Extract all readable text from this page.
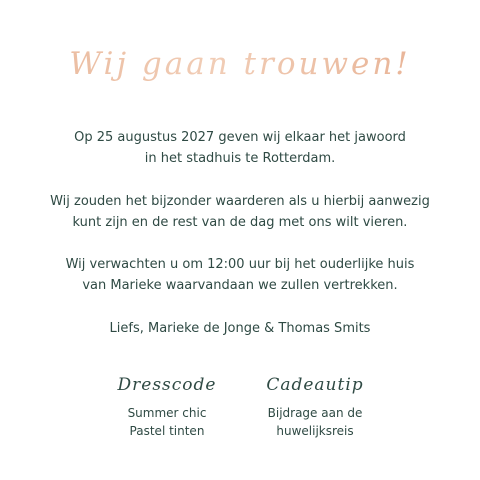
Wij gaan trouwen!
Op 25 augustus 2027 geven wij elkaar het jawoord
in het stadhuis te Rotterdam.
Wij zouden het bijzonder waarderen als u hierbij aanwezig
kunt zijn en de rest van de dag met ons wilt vieren.
Wij verwachten u om 12:00 uur bij het ouderlijke huis
van Marieke waarvandaan we zullen vertrekken.
Liefs, Marieke de Jonge & Thomas Smits
Dresscode
Summer chic
Pastel tinten
Cadeautip
Bijdrage aan de
huwelijksreis
